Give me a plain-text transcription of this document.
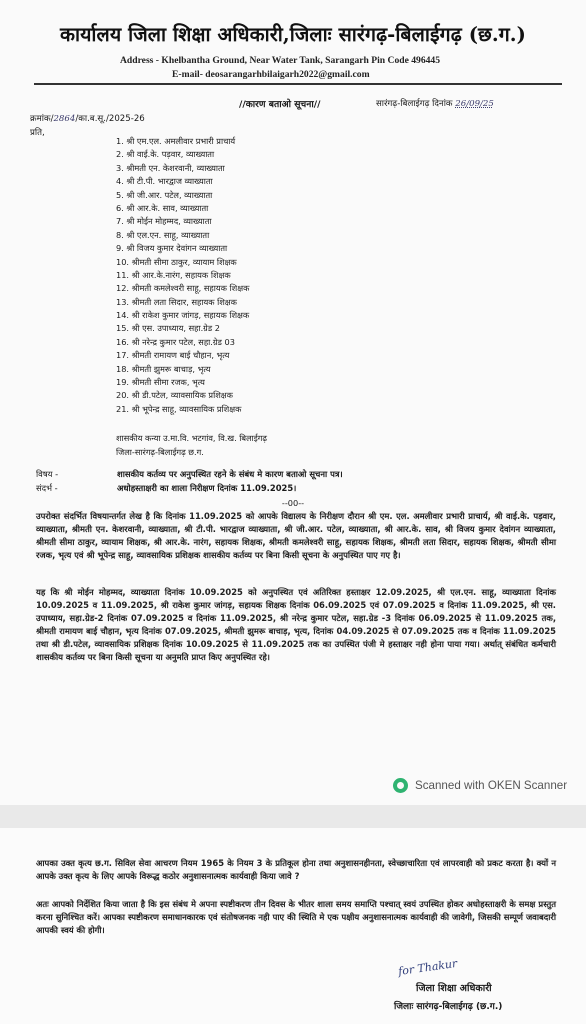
कार्यालय जिला शिक्षा अधिकारी,जिलाः सारंगढ़-बिलाईगढ़ (छ.ग.)
Address - Khelbantha Ground, Near Water Tank, Sarangarh Pin Code 496445
E-mail- deosarangarhbilaigarh2022@gmail.com
//कारण बताओ सूचना//	सारंगढ़-बिलाईगढ़ दिनांक 26/09/25
क्रमांक/2864/का.ब.सू./2025-26
प्रति,
1. श्री एम.एल. अमलीवार प्रभारी प्राचार्य
2. श्री वाई.के. पड़वार, व्याख्याता
3. श्रीमती एन. केशरवानी, व्याख्याता
4. श्री टी.पी. भारद्वाज व्याख्याता
5. श्री जी.आर. पटेल, व्याख्याता
6. श्री आर.के. साव, व्याख्याता
7. श्री मोईन मोहम्मद, व्याख्याता
8. श्री एल.एन. साहू, व्याख्याता
9. श्री विजय कुमार देवांगन व्याख्याता
10. श्रीमती सीमा ठाकुर, व्यायाम शिक्षक
11. श्री आर.के.नारंग, सहायक शिक्षक
12. श्रीमती कमलेश्वरी साहू, सहायक शिक्षक
13. श्रीमती लता सिदार, सहायक शिक्षक
14. श्री राकेश कुमार जांगड़, सहायक शिक्षक
15. श्री एस. उपाध्याय, सहा.ग्रेड 2
16. श्री नरेन्द्र कुमार पटेल, सहा.ग्रेड 03
17. श्रीमती रामायण बाई चौहान, भृत्य
18. श्रीमती झुमरू बाचाड़, भृत्य
19. श्रीमती सीमा रजक, भृत्य
20. श्री डी.पटेल, व्यावसायिक प्रशिक्षक
21. श्री भूपेन्द्र साहू, व्यावसायिक प्रशिक्षक
शासकीय कन्या उ.मा.वि. भटगांव, वि.ख. बिलाईगढ़
जिला-सारंगढ़-बिलाईगढ़ छ.ग.
विषय -	शासकीय कर्तव्य पर अनुपस्थित रहने के संबंध मे कारण बताओ सूचना पत्र।
संदर्भ -	अधोहस्ताक्षरी का शाला निरीक्षण दिनांक 11.09.2025।
--00--
उपरोक्त संदर्भित विषयान्तर्गत लेख है कि दिनांक 11.09.2025 को आपके विद्यालय के निरीक्षण दौरान श्री एम. एल. अमलीवार प्रभारी प्राचार्य, श्री वाई.के. पड़वार, व्याख्याता, श्रीमती एन. केशरवानी, व्याख्याता, श्री टी.पी. भारद्वाज व्याख्याता, श्री जी.आर. पटेल, व्याख्याता, श्री आर.के. साव, श्री विजय कुमार देवांगन व्याख्याता, श्रीमती सीमा ठाकुर, व्यायाम शिक्षक, श्री आर.के. नारंग, सहायक शिक्षक, श्रीमती कमलेश्वरी साहू, सहायक शिक्षक, श्रीमती लता सिदार, सहायक शिक्षक, श्रीमती सीमा रजक, भृत्य एवं श्री भूपेन्द्र साहू, व्यावसायिक प्रशिक्षक शासकीय कर्तव्य पर बिना किसी सूचना के अनुपस्थित पाए गए है।
यह कि श्री मोईन मोहम्मद, व्याख्याता दिनांक 10.09.2025 को अनुपस्थित एवं अतिरिक्त हस्ताक्षर 12.09.2025, श्री एल.एन. साहू, व्याख्याता दिनांक 10.09.2025 व 11.09.2025, श्री राकेश कुमार जांगड़, सहायक शिक्षक दिनांक 06.09.2025 एवं 07.09.2025 व दिनांक 11.09.2025, श्री एस. उपाध्याय, सहा.ग्रेड-2 दिनांक 07.09.2025 व दिनांक 11.09.2025, श्री नरेन्द्र कुमार पटेल, सहा.ग्रेड -3 दिनांक 06.09.2025 से 11.09.2025 तक, श्रीमती रामायण बाई चौहान, भृत्य दिनांक 07.09.2025, श्रीमती झुमरू बाचाड़, भृत्य, दिनांक 04.09.2025 से 07.09.2025 तक व दिनांक 11.09.2025 तथा श्री डी.पटेल, व्यावसायिक प्रशिक्षक दिनांक 10.09.2025 से 11.09.2025 तक का उपस्थित पंजी मे हस्ताक्षर नही होना पाया गया। अर्थात् संबंधित कर्मचारी शासकीय कर्तव्य पर बिना किसी सूचना या अनुमति प्राप्त किए अनुपस्थित रहे।
Scanned with OKEN Scanner
आपका उक्त कृत्य छ.ग. सिविल सेवा आचरण नियम 1965 के नियम 3 के प्रतिकूल होना तथा अनुशासनहीनता, स्वेच्छाचारिता एवं लापरवाही को प्रकट करता है। क्यों न आपके उक्त कृत्य के लिए आपके विरूद्ध कठोर अनुशासनात्मक कार्यवाही किया जावे ?
अतः आपको निर्देशित किया जाता है कि इस संबंध मे अपना स्पष्टीकरण तीन दिवस के भीतर शाला समय समाप्ति पश्चात् स्वयं उपस्थित होकर अधोहस्ताक्षरी के समक्ष प्रस्तुत करना सुनिश्चित करें। आपका स्पष्टीकरण समाधानकारक एवं संतोषजनक नही पाए की स्थिति मे एक पक्षीय अनुशासनात्मक कार्यवाही की जावेगी, जिसकी सम्पूर्ण जवाबदारी आपकी स्वयं की होगी।
for Thakur
जिला शिक्षा अधिकारी
जिलाः सारंगढ़-बिलाईगढ़ (छ.ग.)
